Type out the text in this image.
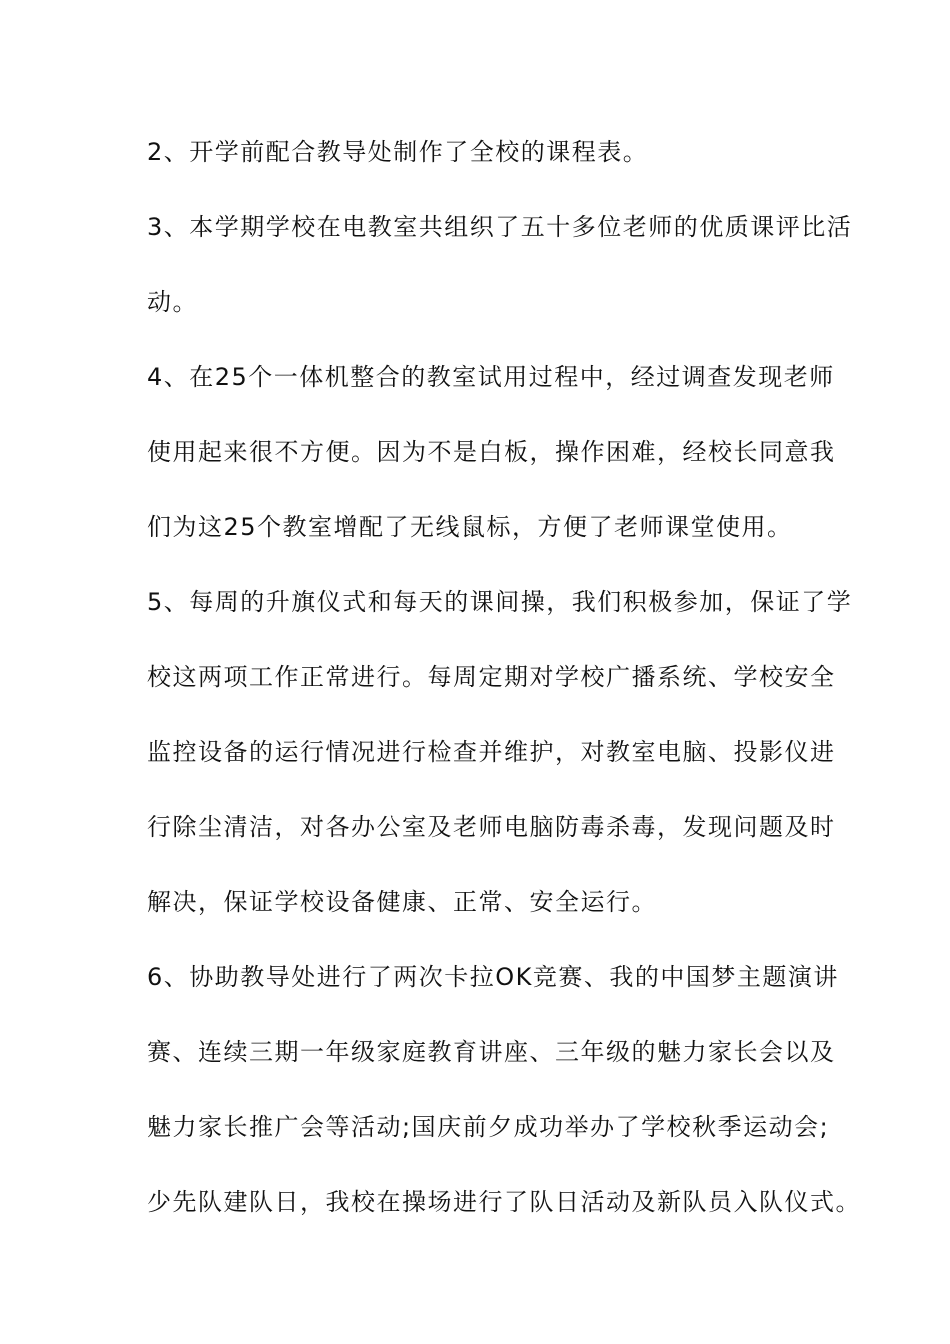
2、开学前配合教导处制作了全校的课程表。
3、本学期学校在电教室共组织了五十多位老师的优质课评比活
动。
4、在25个一体机整合的教室试用过程中，经过调查发现老师
使用起来很不方便。因为不是白板，操作困难，经校长同意我
们为这25个教室增配了无线鼠标，方便了老师课堂使用。
5、每周的升旗仪式和每天的课间操，我们积极参加，保证了学
校这两项工作正常进行。每周定期对学校广播系统、学校安全
监控设备的运行情况进行检查并维护，对教室电脑、投影仪进
行除尘清洁，对各办公室及老师电脑防毒杀毒，发现问题及时
解决，保证学校设备健康、正常、安全运行。
6、协助教导处进行了两次卡拉OK竞赛、我的中国梦主题演讲
赛、连续三期一年级家庭教育讲座、三年级的魅力家长会以及
魅力家长推广会等活动;国庆前夕成功举办了学校秋季运动会;
少先队建队日，我校在操场进行了队日活动及新队员入队仪式。
